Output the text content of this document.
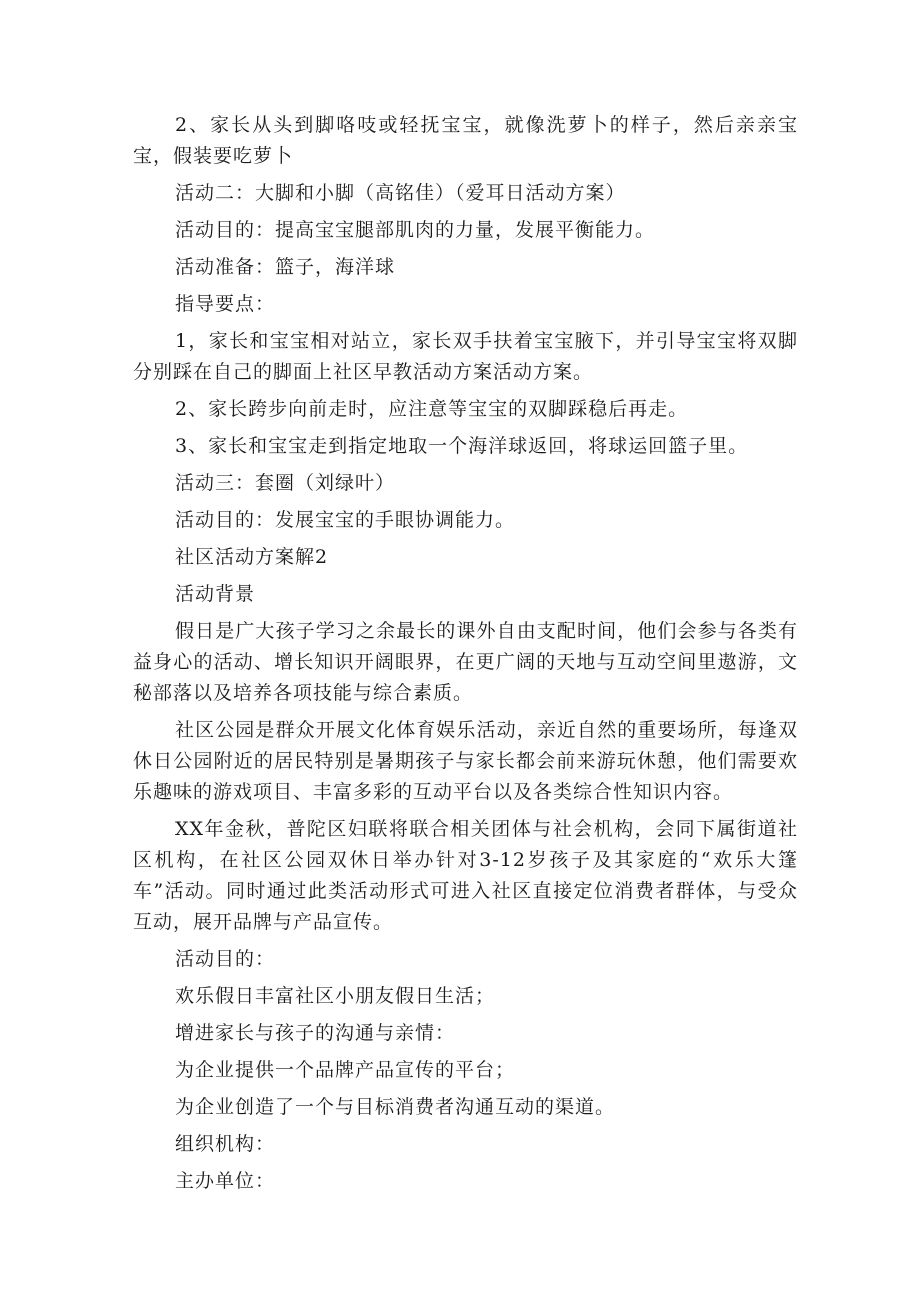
2、家长从头到脚咯吱或轻抚宝宝，就像洗萝卜的样子，然后亲亲宝宝，假装要吃萝卜

活动二：大脚和小脚（高铭佳）（爱耳日活动方案）

活动目的：提高宝宝腿部肌肉的力量，发展平衡能力。

活动准备：篮子，海洋球

指导要点：

1，家长和宝宝相对站立，家长双手扶着宝宝腋下，并引导宝宝将双脚分别踩在自己的脚面上社区早教活动方案活动方案。

2、家长跨步向前走时，应注意等宝宝的双脚踩稳后再走。

3、家长和宝宝走到指定地取一个海洋球返回，将球运回篮子里。

活动三：套圈（刘绿叶）

活动目的：发展宝宝的手眼协调能力。

社区活动方案解2

活动背景

假日是广大孩子学习之余最长的课外自由支配时间，他们会参与各类有益身心的活动、增长知识开阔眼界，在更广阔的天地与互动空间里遨游，文秘部落以及培养各项技能与综合素质。

社区公园是群众开展文化体育娱乐活动，亲近自然的重要场所，每逢双休日公园附近的居民特别是暑期孩子与家长都会前来游玩休憩，他们需要欢乐趣味的游戏项目、丰富多彩的互动平台以及各类综合性知识内容。

XX年金秋，普陀区妇联将联合相关团体与社会机构，会同下属街道社区机构，在社区公园双休日举办针对3-12岁孩子及其家庭的“欢乐大篷车”活动。同时通过此类活动形式可进入社区直接定位消费者群体，与受众互动，展开品牌与产品宣传。

活动目的：

欢乐假日丰富社区小朋友假日生活；

增进家长与孩子的沟通与亲情：

为企业提供一个品牌产品宣传的平台；

为企业创造了一个与目标消费者沟通互动的渠道。

组织机构：

主办单位：
